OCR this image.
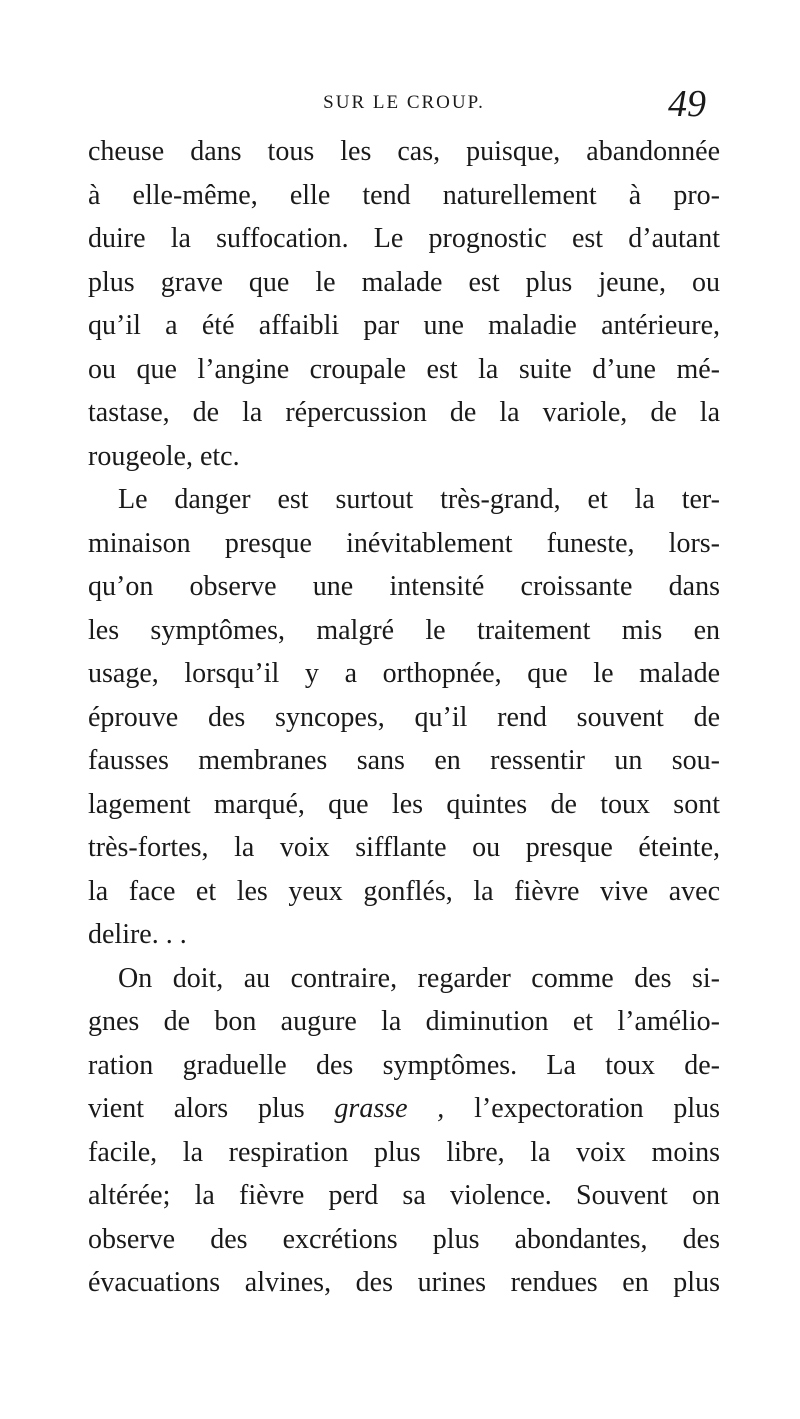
SUR LE CROUP.	49
cheuse dans tous les cas, puisque, abandonnée
à elle-même, elle tend naturellement à pro-
duire la suffocation. Le prognostic est d’autant
plus grave que le malade est plus jeune, ou
qu’il a été affaibli par une maladie antérieure,
ou que l’angine croupale est la suite d’une mé-
tastase, de la répercussion de la variole, de la
rougeole, etc.
Le danger est surtout très-grand, et la ter-
minaison presque inévitablement funeste, lors-
qu’on observe une intensité croissante dans
les symptômes, malgré le traitement mis en
usage, lorsqu’il y a orthopnée, que le malade
éprouve des syncopes, qu’il rend souvent de
fausses membranes sans en ressentir un sou-
lagement marqué, que les quintes de toux sont
très-fortes, la voix sifflante ou presque éteinte,
la face et les yeux gonflés, la fièvre vive avec
delire. . .
On doit, au contraire, regarder comme des si-
gnes de bon augure la diminution et l’amélio-
ration graduelle des symptômes. La toux de-
vient alors plus grasse , l’expectoration plus
facile, la respiration plus libre, la voix moins
altérée; la fièvre perd sa violence. Souvent on
observe des excrétions plus abondantes, des
évacuations alvines, des urines rendues en plus
